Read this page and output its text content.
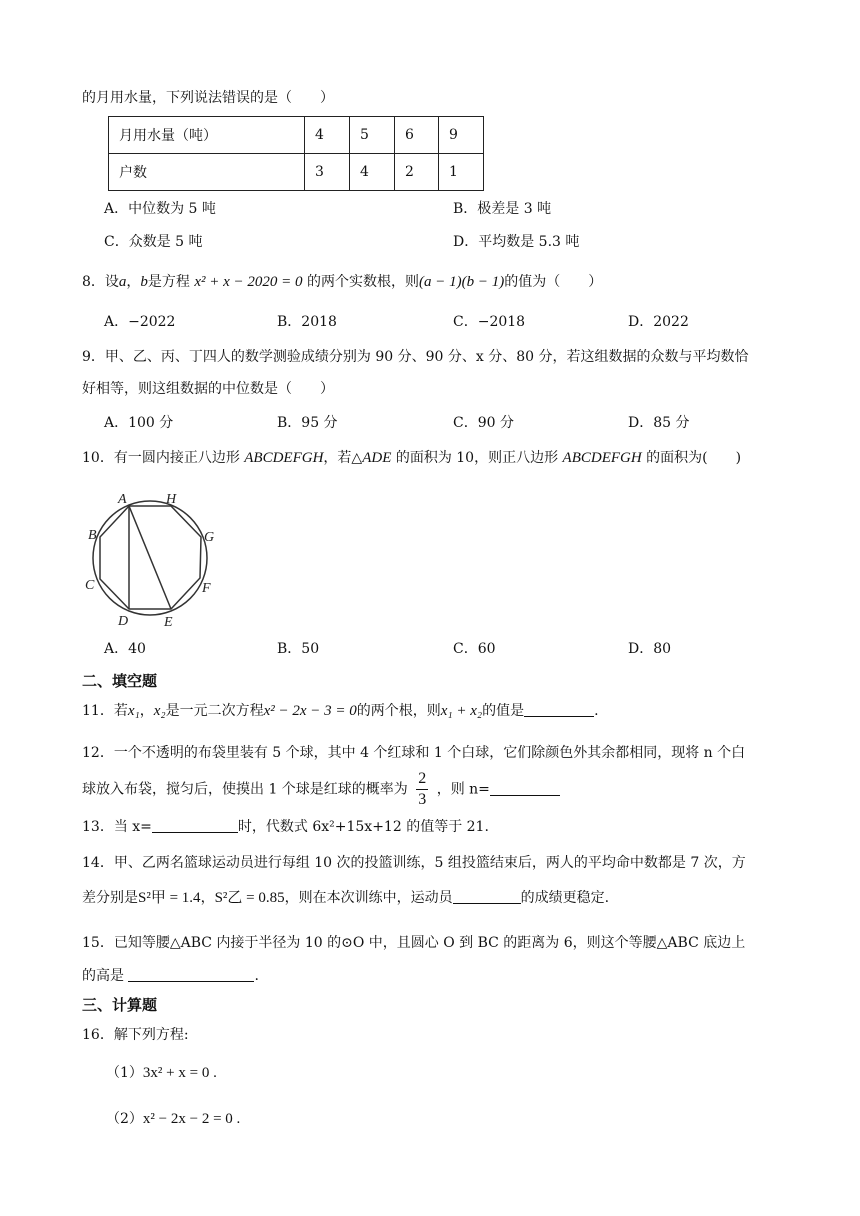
的月用水量，下列说法错误的是（　　）
月用水量（吨）	4	5	6	9
户数	3	4	2	1
A．中位数为 5 吨	B．极差是 3 吨
C．众数是 5 吨	D．平均数是 5.3 吨
8．设a，b是方程 x² + x − 2020 = 0 的两个实数根，则(a − 1)(b − 1)的值为（　　）
A．−2022	B．2018	C．−2018	D．2022
9．甲、乙、丙、丁四人的数学测验成绩分别为 90 分、90 分、x 分、80 分，若这组数据的众数与平均数恰
好相等，则这组数据的中位数是（　　）
A．100 分	B．95 分	C．90 分	D．85 分
10．有一圆内接正八边形 ABCDEFGH，若△ADE 的面积为 10，则正八边形 ABCDEFGH 的面积为(　　)
A	H
G
F
E
D
C
B
A．40	B．50	C．60	D．80
二、填空题
11．若x₁，x₂是一元二次方程x² − 2x − 3 = 0的两个根，则x₁ + x₂的值是	.
12．一个不透明的布袋里装有 5 个球，其中 4 个红球和 1 个白球，它们除颜色外其余都相同，现将 n 个白
球放入布袋，搅匀后，使摸出 1 个球是红球的概率为 $\frac{2}{3}$ ，则 n=
13．当 x=	时，代数式 6x²+15x+12 的值等于 21.
14．甲、乙两名篮球运动员进行每组 10 次的投篮训练，5 组投篮结束后，两人的平均命中数都是 7 次，方
差分别是S²甲 = 1.4，S²乙 = 0.85，则在本次训练中，运动员	的成绩更稳定.
15．已知等腰△ABC 内接于半径为 10 的⊙O 中，且圆心 O 到 BC 的距离为 6，则这个等腰△ABC 底边上
的高是	.
三、计算题
16．解下列方程:
（1）3x² + x = 0 .
（2）x² − 2x − 2 = 0 .
